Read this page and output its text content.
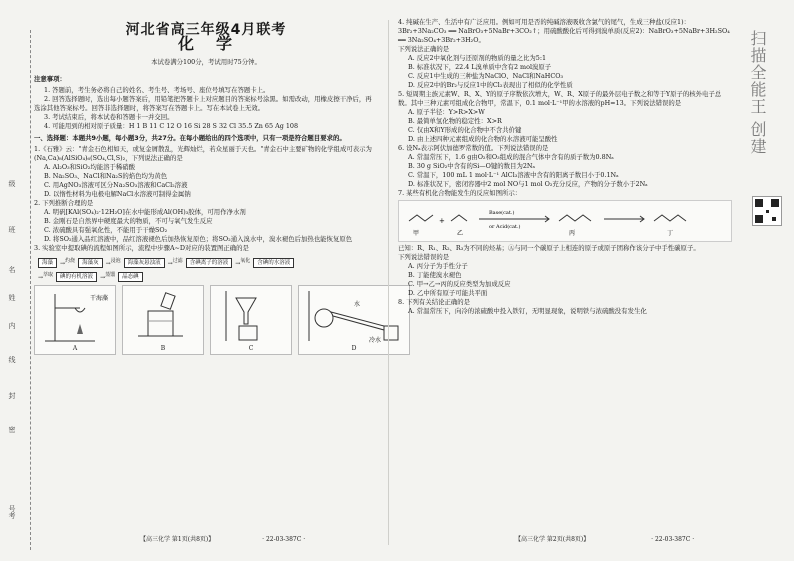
级
班
名
姓
内
线
封
密
号考
河北省高三年级4月联考
化学

本试卷满分100分，考试用时75分钟。

注意事项：

1. 答题前，考生务必将自己的姓名、考生号、考场号、座位号填写在答题卡上。

2. 回答选择题时，选出每小题答案后，用铅笔把答题卡上对应题目的答案标号涂黑。如需改动，用橡皮擦干净后，再选涂其他答案标号。回答非选择题时，将答案写在答题卡上。写在本试卷上无效。

3. 考试结束后，将本试卷和答题卡一并交回。

4. 可能用到的相对原子质量：H 1 B 11 C 12 O 16 Si 28 S 32 Cl 35.5 Zn 65 Ag 108

一、选择题：本题共9小题，每小题3分，共27分。在每小题给出的四个选项中，只有一项是符合题目要求的。

1.《石雅》云："青金石色相如天，或复金屑散乱，光辉灿烂，若众星丽于天也。"青金石中主要矿物的化学组成可表示为(Na,Ca)₈(AlSiO₄)₆(SO₄,Cl,S)₂，下列说法正确的是

A. Al₂O₃和SiO₂均能溶于稀硝酸

B. Na₂SO₃、NaCl和Na₂S的焰色均为黄色

C. 用AgNO₃溶液可区分Na₂SO₃溶液和CaCl₂溶液

D. 以惰性材料为电极电解NaCl水溶液可制得金属钠

2. 下列推断合理的是

A. 明矾[KAl(SO₄)₂·12H₂O]在水中能形成Al(OH)₃胶体，可用作净水剂

B. 金刚石是自然界中硬度最大的物质，不可与氧气发生反应

C. 浓硫酸具有强氧化性，不能用于干燥SO₂

D. 将SO₂通入品红溶液中，品红溶液褪色后加热恢复原色；将SO₂通入溴水中，溴水褪色后加热也能恢复原色

3. 实验室中提取碘的流程如图所示，流程中步骤A~D对应的装置图正确的是

海藻	→$^{灼烧}$	海藻灰	→$^{浸泡}$	海藻灰悬浊液	→$^{过滤}$	含碘离子的溶液	→$^{氧化}$	含碘的水溶液
→$^{萃取}$	碘的有机溶液	→$^{蒸馏}$	晶态碘
干海藻
A	B	C
水
冷水
D
【高三化学 第1页(共8页)】	· 22-03-387C ·

4. 纯碱在生产、生活中有广泛应用。例如可用是否的纯碱溶液吸收含氯气的尾气，生成三种盐(反应1)：3Br₂+3Na₂CO₃ ══ NaBrO₃+5NaBr+3CO₂↑；用硫酸酸化后可得到溴单质(反应2)：NaBrO₃+5NaBr+3H₂SO₄ ══ 3Na₂SO₄+3Br₂+3H₂O。

下列说法正确的是

A. 反应2中氧化剂与还原剂的物质的量之比为5:1

B. 标准状况下，22.4 L溴单质中含有2 mol溴原子

C. 反应1中生成的三种盐为NaClO、NaCl和NaHCO₃

D. 反应2中的Br₂与反应1中的Cl₂表现出了相似的化学性质

5. 短周期主族元素W、R、X、Y的原子序数依次增大，W、R、X原子的最外层电子数之和等于Y原子的核外电子总数。其中三种元素可组成化合物甲，常温下，0.1 mol·L⁻¹甲的水溶液的pH=13。下列说法错误的是

A. 原子半径：Y>R>X>W

B. 最简单氢化物的稳定性：X>R

C. 仅由X和Y形成的化合物中不含共价键

D. 由上述四种元素组成的化合物的水溶液可能呈酸性

6. 设Nₐ表示阿伏加德罗常数的值。下列说法错误的是

A. 常温常压下，1.6 g由O₂和O₃组成的混合气体中含有的质子数为0.8Nₐ

B. 30 g SiO₂中含有的Si—O键的数目为2Nₐ

C. 常温下，100 mL 1 mol·L⁻¹ AlCl₃溶液中含有的阳离子数目小于0.1Nₐ

D. 标准状况下，密闭容器中2 mol NO与1 mol O₂充分反应，产物的分子数小于2Nₐ

7. 某些有机化合物能发生的反应如图所示：

甲
+
乙
Base(cat.)
or Acid(cat.)
丙	丁

已知：R、R₁、R₂、R₃为不同的烃基；Ⓐ与同一个碳原子上相连的原子或原子团称作该分子中手性碳原子。

下列说法错误的是

A. 丙分子为手性分子

B. 丁能使溴水褪色

C. 甲→乙→丙的反应类型为加成反应

D. 乙中所有原子可能共平面

8. 下列有关结论正确的是

A. 常温常压下，向冷的浓硫酸中投入铁钉，无明显现象，说明铁与浓硫酸没有发生化

【高三化学 第2页(共8页)】	· 22-03-387C ·
扫描全能王 创建
